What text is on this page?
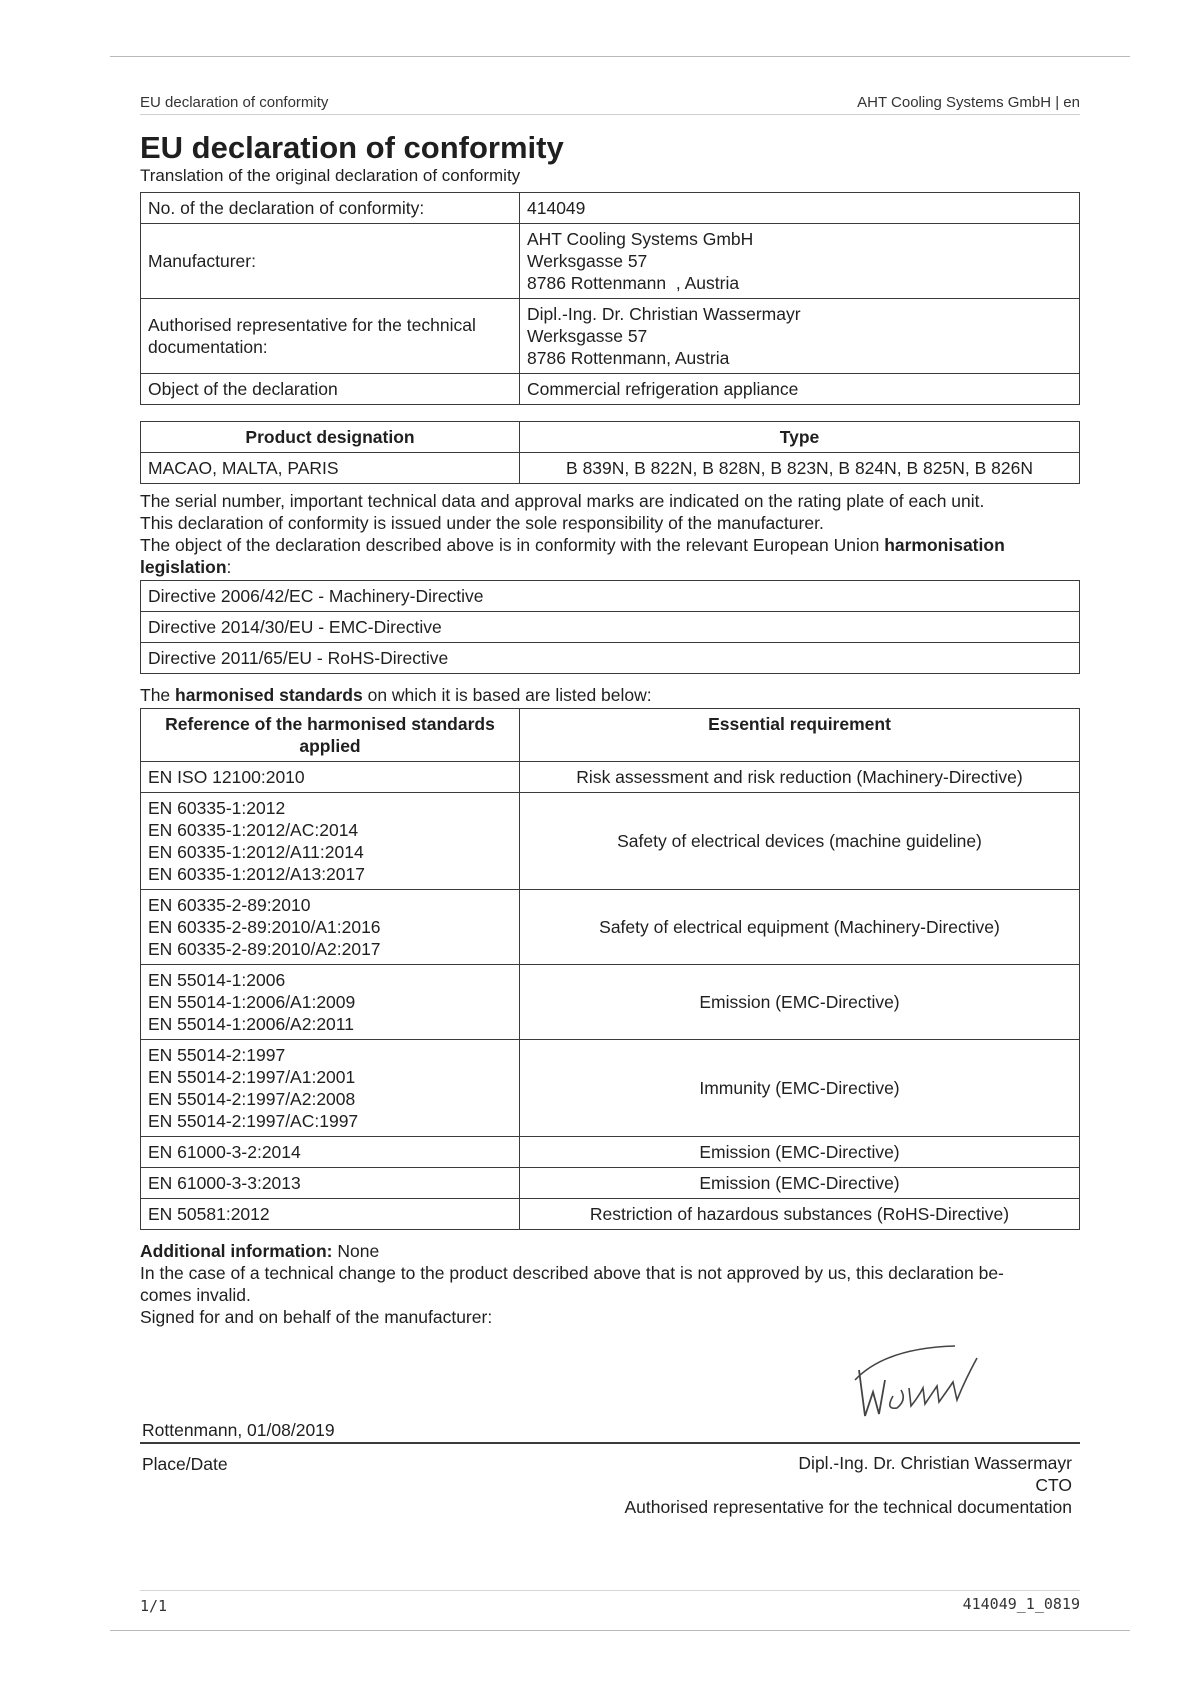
EU declaration of conformity	AHT Cooling Systems GmbH | en
EU declaration of conformity

Translation of the original declaration of conformity

No. of the declaration of conformity:	414049

Manufacturer:	AHT Cooling Systems GmbH
Werksgasse 57
8786 Rottenmann  , Austria

Authorised representative for the technical documentation:	Dipl.-Ing. Dr. Christian Wassermayr
Werksgasse 57
8786 Rottenmann, Austria

Object of the declaration	Commercial refrigeration appliance
Product designation	Type
MACAO, MALTA, PARIS	B 839N, B 822N, B 828N, B 823N, B 824N, B 825N, B 826N

The serial number, important technical data and approval marks are indicated on the rating plate of each unit.

This declaration of conformity is issued under the sole responsibility of the manufacturer.

The object of the declaration described above is in conformity with the relevant European Union harmonisation legislation:

Directive 2006/42/EC - Machinery-Directive
Directive 2014/30/EU - EMC-Directive
Directive 2011/65/EU - RoHS-Directive

The harmonised standards on which it is based are listed below:

Reference of the harmonised standards applied	Essential requirement

EN ISO 12100:2010	Risk assessment and risk reduction (Machinery-Directive)

EN 60335-1:2012
EN 60335-1:2012/AC:2014
EN 60335-1:2012/A11:2014
EN 60335-1:2012/A13:2017	Safety of electrical devices (machine guideline)

EN 60335-2-89:2010
EN 60335-2-89:2010/A1:2016
EN 60335-2-89:2010/A2:2017	Safety of electrical equipment (Machinery-Directive)

EN 55014-1:2006
EN 55014-1:2006/A1:2009
EN 55014-1:2006/A2:2011	Emission (EMC-Directive)

EN 55014-2:1997
EN 55014-2:1997/A1:2001
EN 55014-2:1997/A2:2008
EN 55014-2:1997/AC:1997	Immunity (EMC-Directive)

EN 61000-3-2:2014	Emission (EMC-Directive)

EN 61000-3-3:2013	Emission (EMC-Directive)

EN 50581:2012	Restriction of hazardous substances (RoHS-Directive)

Additional information: None

In the case of a technical change to the product described above that is not approved by us, this declaration be-

comes invalid.

Signed for and on behalf of the manufacturer:

Rottenmann, 01/08/2019
Place/Date	Dipl.-Ing. Dr. Christian Wassermayr
CTO
Authorised representative for the technical documentation
1/1	414049_1_0819
